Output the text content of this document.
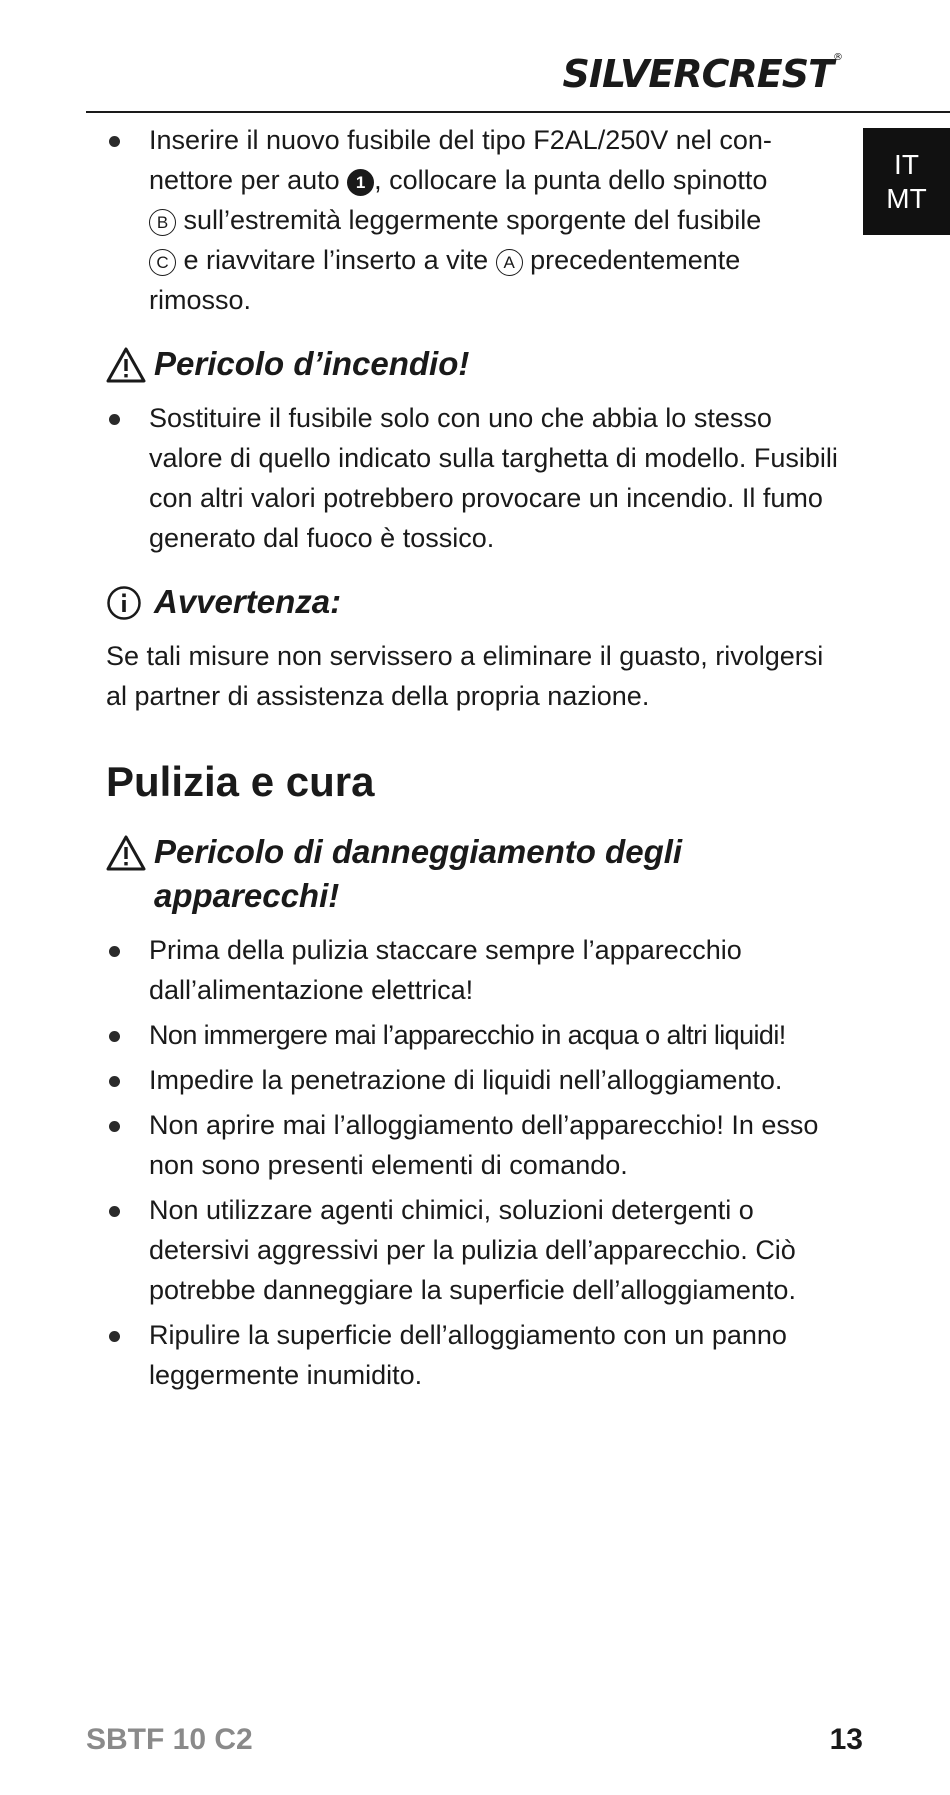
SILVERCREST®
IT
MT
Inserire il nuovo fusibile del tipo F2AL/250V nel con-
nettore per auto 1 , collocare la punta dello spinotto
B sull’estremità leggermente sporgente del fusibile
C e riavvitare l’inserto a vite A precedentemente
rimosso.
Pericolo d’incendio!
Sostituire il fusibile solo con uno che abbia lo stesso valore di quello indicato sulla targhetta di modello. Fusibili con altri valori potrebbero provocare un incendio. Il fumo generato dal fuoco è tossico.
Avvertenza:

Se tali misure non servissero a eliminare il guasto, rivolgersi al partner di assistenza della propria nazione.

Pulizia e cura
Pericolo di danneggiamento degli
apparecchi!
Prima della pulizia staccare sempre l’apparecchio dall’alimentazione elettrica!
Non immergere mai l’apparecchio in acqua o altri liquidi!
Impedire la penetrazione di liquidi nell’alloggiamento.
Non aprire mai l’alloggiamento dell’apparecchio! In esso non sono presenti elementi di comando.
Non utilizzare agenti chimici, soluzioni detergenti o detersivi aggressivi per la pulizia dell’apparecchio. Ciò potrebbe danneggiare la superficie dell’alloggiamento.
Ripulire la superficie dell’alloggiamento con un panno leggermente inumidito.
SBTF 10 C2	13
